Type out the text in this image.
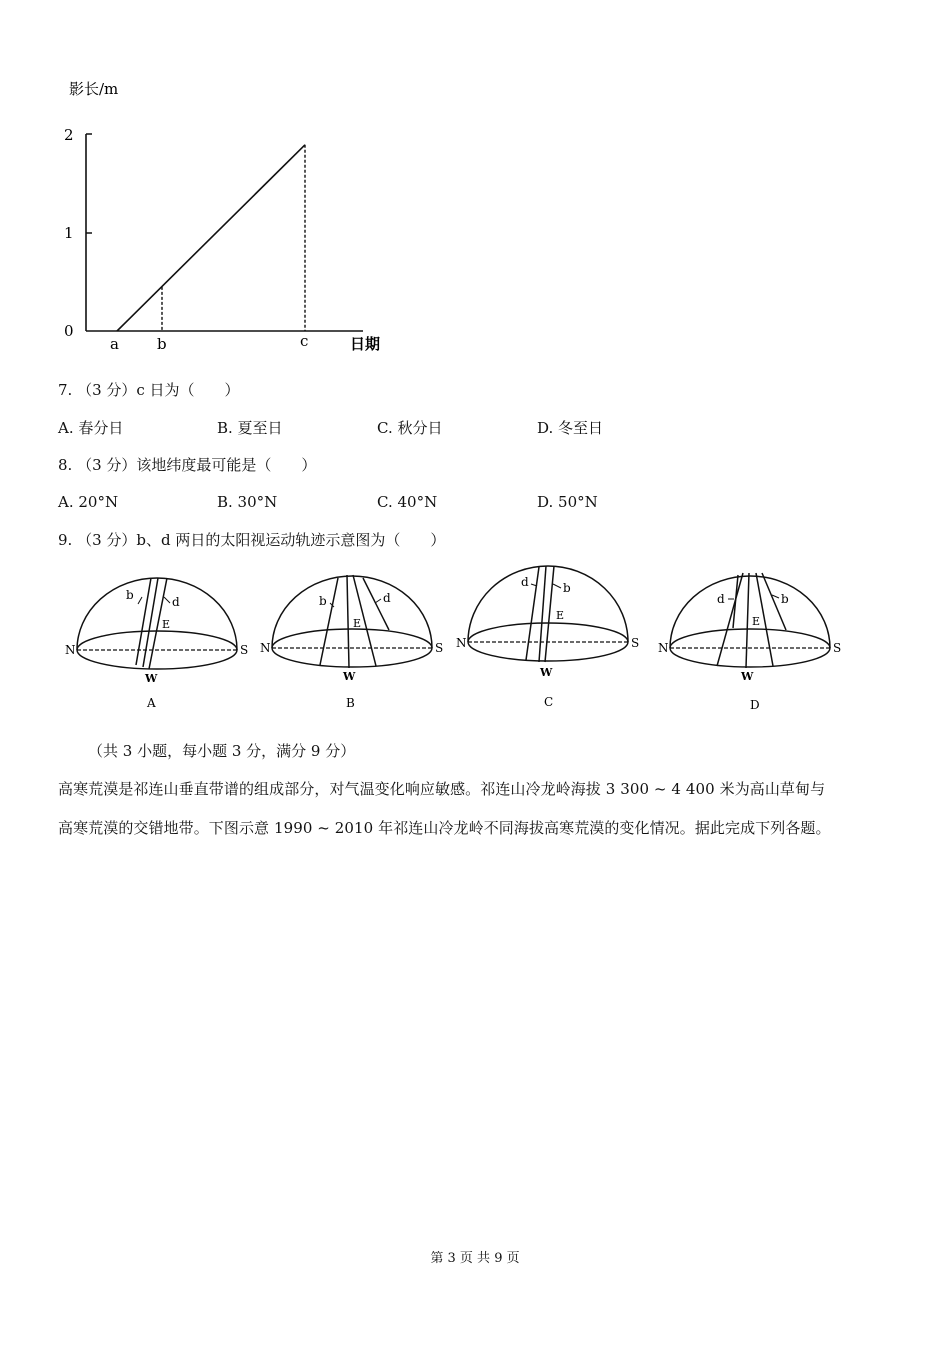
影长/m
0
1
2
a	b	c	日期
7. （3 分）c 日为（　　）
A. 春分日	B. 夏至日	C. 秋分日	D. 冬至日
8. （3 分）该地纬度最可能是（　　）
A. 20°N	B. 30°N	C. 40°N	D. 50°N
9. （3 分）b、d 两日的太阳视运动轨迹示意图为（　　）
b	d
E
N	S
W
A
b	d
E
N	S
W
B
d	b
E
N	S
W
C
d	b
E
N	S
W
D
（共 3 小题，每小题 3 分，满分 9 分）
高寒荒漠是祁连山垂直带谱的组成部分，对气温变化响应敏感。祁连山冷龙岭海拔 3 300 ~ 4 400 米为高山草甸与
高寒荒漠的交错地带。下图示意 1990 ~ 2010 年祁连山冷龙岭不同海拔高寒荒漠的变化情况。据此完成下列各题。
第 3 页 共 9 页
